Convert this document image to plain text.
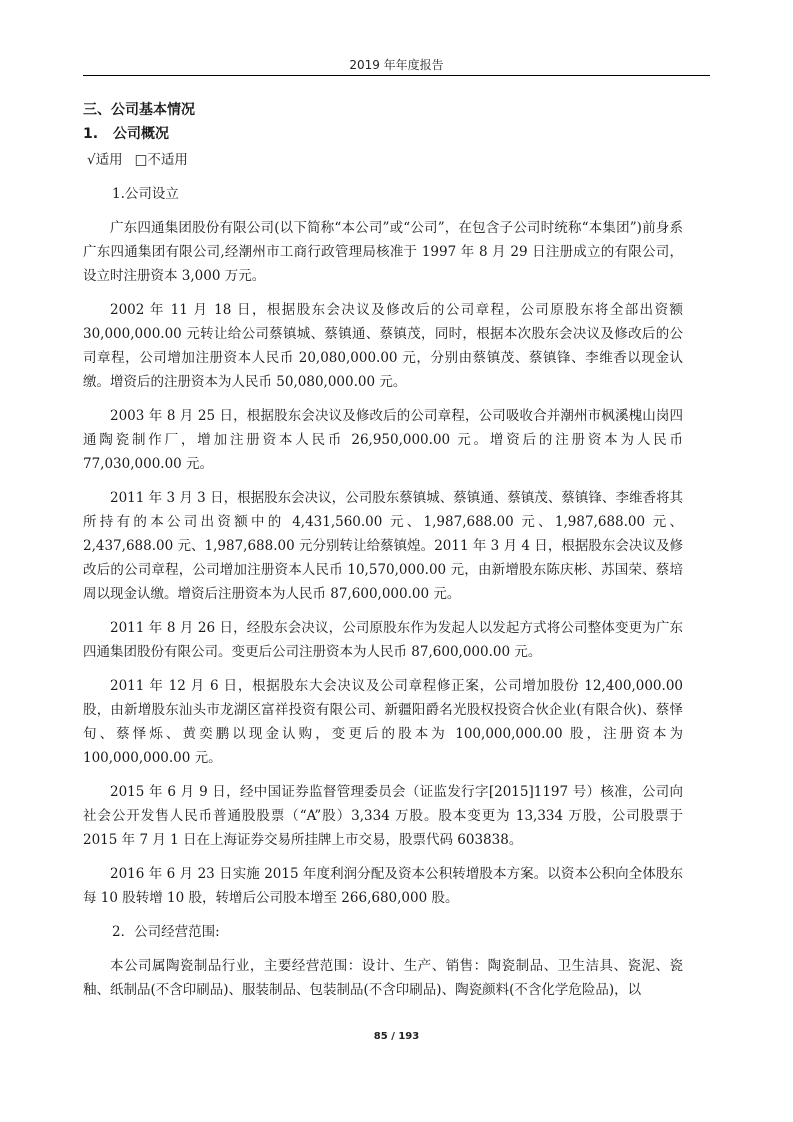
2019 年年度报告

三、公司基本情况

1. 公司概况

√适用 □不适用

1.公司设立

广东四通集团股份有限公司(以下简称“本公司”或“公司”，在包含子公司时统称“本集团”)前身系广东四通集团有限公司,经潮州市工商行政管理局核准于 1997 年 8 月 29 日注册成立的有限公司，设立时注册资本 3,000 万元。

2002 年 11 月 18 日，根据股东会决议及修改后的公司章程，公司原股东将全部出资额30,000,000.00 元转让给公司蔡镇城、蔡镇通、蔡镇茂，同时，根据本次股东会决议及修改后的公司章程，公司增加注册资本人民币 20,080,000.00 元，分别由蔡镇茂、蔡镇锋、李维香以现金认缴。增资后的注册资本为人民币 50,080,000.00 元。

2003 年 8 月 25 日，根据股东会决议及修改后的公司章程，公司吸收合并潮州市枫溪槐山岗四通陶瓷制作厂，增加注册资本人民币 26,950,000.00 元。增资后的注册资本为人民币77,030,000.00 元。

2011 年 3 月 3 日，根据股东会决议，公司股东蔡镇城、蔡镇通、蔡镇茂、蔡镇锋、李维香将其所持有的本公司出资额中的 4,431,560.00 元、1,987,688.00 元、1,987,688.00 元、2,437,688.00 元、1,987,688.00 元分别转让给蔡镇煌。2011 年 3 月 4 日，根据股东会决议及修改后的公司章程，公司增加注册资本人民币 10,570,000.00 元，由新增股东陈庆彬、苏国荣、蔡培周以现金认缴。增资后注册资本为人民币 87,600,000.00 元。

2011 年 8 月 26 日，经股东会决议，公司原股东作为发起人以发起方式将公司整体变更为广东四通集团股份有限公司。变更后公司注册资本为人民币 87,600,000.00 元。

2011 年 12 月 6 日，根据股东大会决议及公司章程修正案，公司增加股份 12,400,000.00 股，由新增股东汕头市龙湖区富祥投资有限公司、新疆阳爵名光股权投资合伙企业(有限合伙)、蔡怿旬、蔡怿烁、黄奕鹏以现金认购，变更后的股本为 100,000,000.00 股，注册资本为 100,000,000.00 元。

2015 年 6 月 9 日，经中国证券监督管理委员会（证监发行字[2015]1197 号）核准，公司向社会公开发售人民币普通股股票（“A”股）3,334 万股。股本变更为 13,334 万股，公司股票于 2015 年 7 月 1 日在上海证券交易所挂牌上市交易，股票代码 603838。

2016 年 6 月 23 日实施 2015 年度利润分配及资本公积转增股本方案。以资本公积向全体股东每 10 股转增 10 股，转增后公司股本增至 266,680,000 股。

2．公司经营范围:

本公司属陶瓷制品行业，主要经营范围：设计、生产、销售：陶瓷制品、卫生洁具、瓷泥、瓷釉、纸制品(不含印刷品)、服装制品、包装制品(不含印刷品)、陶瓷颜料(不含化学危险品)，以

85 / 193
